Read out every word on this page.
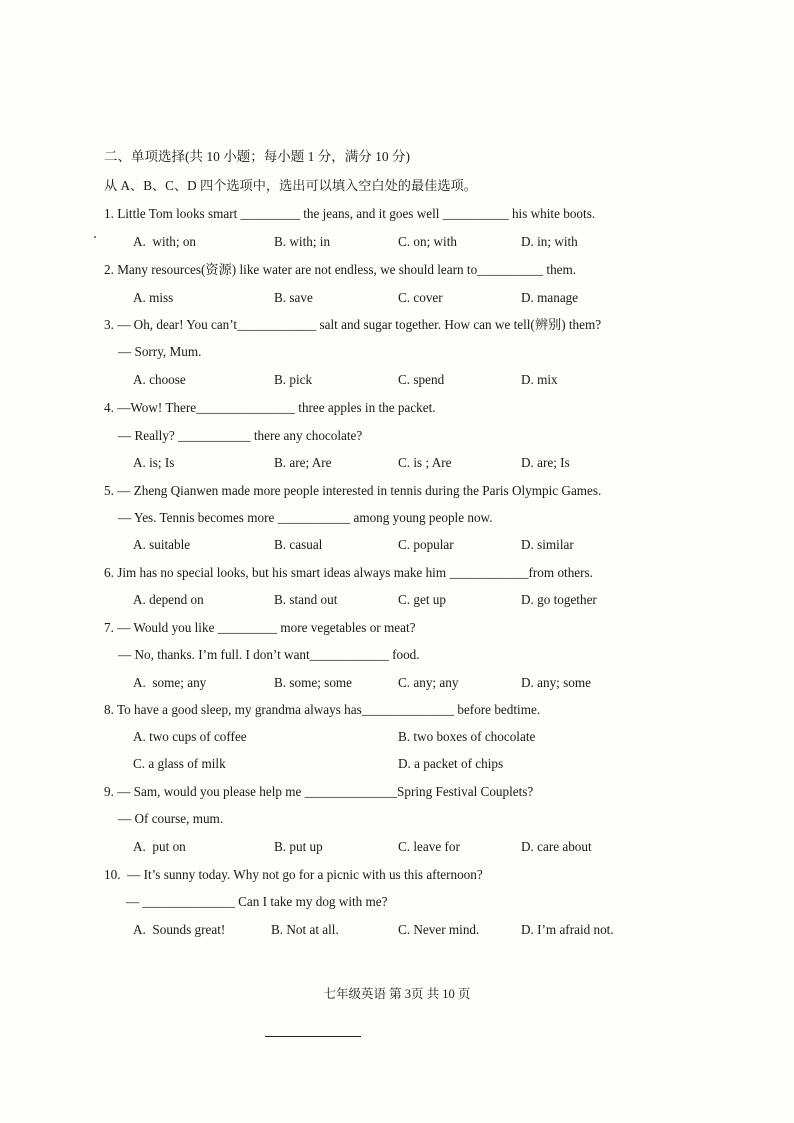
二、单项选择(共 10 小题；每小题 1 分，满分 10 分)
从 A、B、C、D 四个选项中，选出可以填入空白处的最佳选项。
1. Little Tom looks smart _________ the jeans, and it goes well __________ his white boots.
A.  with; on	B. with; in	C. on; with	D. in; with
2. Many resources(资源) like water are not endless, we should learn to__________ them.
A. miss	B. save	C. cover	D. manage
3. — Oh, dear! You can’t____________ salt and sugar together. How can we tell(辨别) them?
— Sorry, Mum.
A. choose	B. pick	C. spend	D. mix
4. —Wow! There_______________ three apples in the packet.
— Really? ___________ there any chocolate?
A. is; Is	B. are; Are	C. is ; Are	D. are; Is
5. — Zheng Qianwen made more people interested in tennis during the Paris Olympic Games.
— Yes. Tennis becomes more ___________ among young people now.
A. suitable	B. casual	C. popular	D. similar
6. Jim has no special looks, but his smart ideas always make him ____________from others.
A. depend on	B. stand out	C. get up	D. go together
7. — Would you like _________ more vegetables or meat?
— No, thanks. I’m full. I don’t want____________ food.
A.  some; any	B. some; some	C. any; any	D. any; some
8. To have a good sleep, my grandma always has______________ before bedtime.
A. two cups of coffee	B. two boxes of chocolate
C. a glass of milk	D. a packet of chips
9. — Sam, would you please help me ______________Spring Festival Couplets?
— Of course, mum.
A.  put on	B. put up	C. leave for	D. care about
10.  — It’s sunny today. Why not go for a picnic with us this afternoon?
— ______________ Can I take my dog with me?
A.  Sounds great!	B. Not at all.	C. Never mind.	D. I’m afraid not.
七年级英语 第 3页 共 10 页
